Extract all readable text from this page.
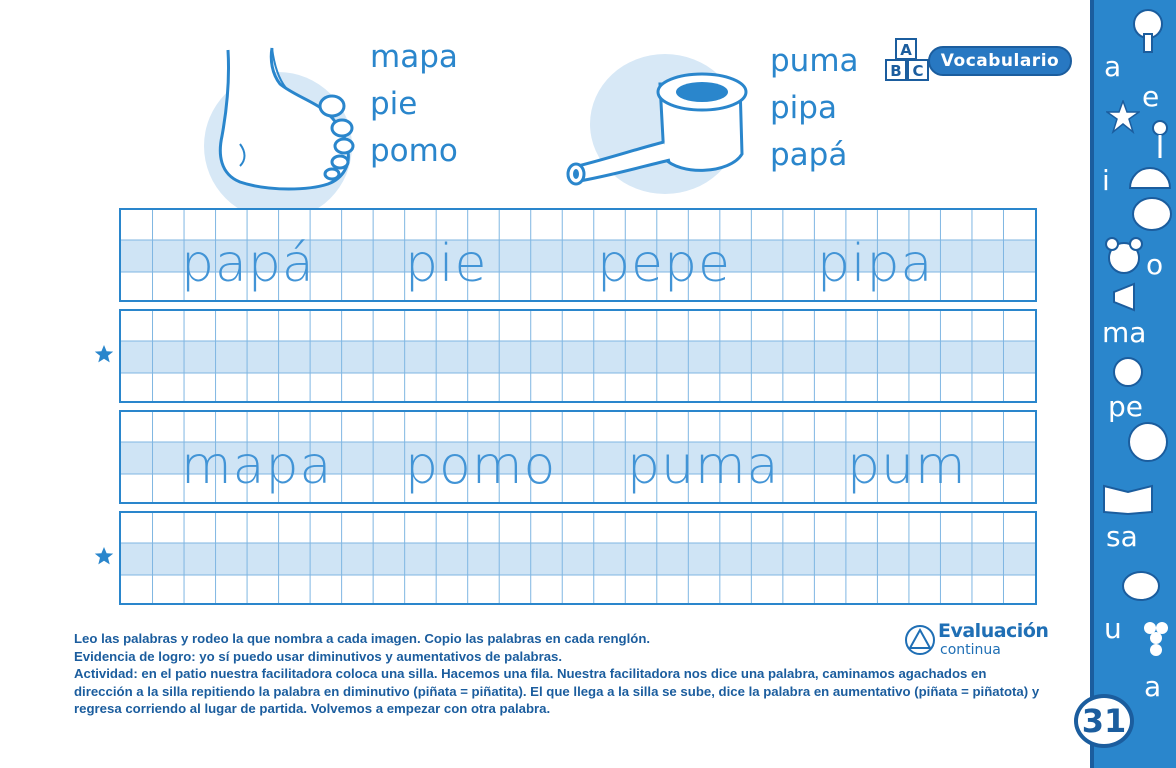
mapa
pie
pomo
puma
pipa
papá
A
B C	Vocabulario
papá pie pepe pipa
mapa pomo puma pum
a
e
i
o
ma
pe
sa
u
a
31
Evaluación
continua

Leo las palabras y rodeo la que nombra a cada imagen. Copio las palabras en cada renglón.

Evidencia de logro: yo sí puedo usar diminutivos y aumentativos de palabras.

Actividad: en el patio nuestra facilitadora coloca una silla. Hacemos una fila. Nuestra facilitadora nos dice una palabra, caminamos agachados en dirección a la silla repitiendo la palabra en diminutivo (piñata = piñatita). El que llega a la silla se sube, dice la palabra en aumentativo (piñata = piñatota) y regresa corriendo al lugar de partida. Volvemos a empezar con otra palabra.
